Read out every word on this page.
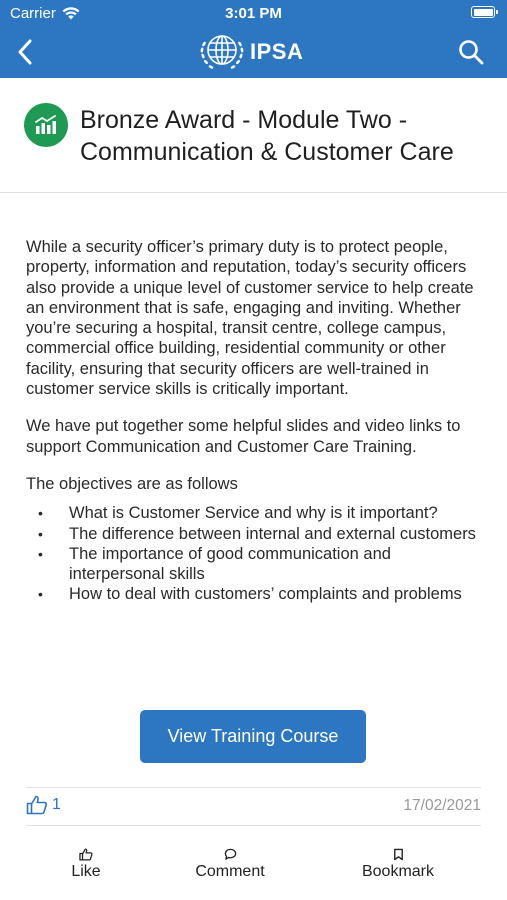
Carrier	3:01 PM
IPSA
Bronze Award - Module Two - Communication & Customer Care

While a security officer’s primary duty is to protect people, property, information and reputation, today’s security officers also provide a unique level of customer service to help create an environment that is safe, engaging and inviting. Whether you’re securing a hospital, transit centre, college campus, commercial office building, residential community or other facility, ensuring that security officers are well-trained in customer service skills is critically important.

We have put together some helpful slides and video links to support Communication and Customer Care Training.

The objectives are as follows

• What is Customer Service and why is it important?
• The difference between internal and external customers
• The importance of good communication and interpersonal skills
• How to deal with customers’ complaints and problems
View Training Course
1	17/02/2021
Like	Comment	Bookmark
